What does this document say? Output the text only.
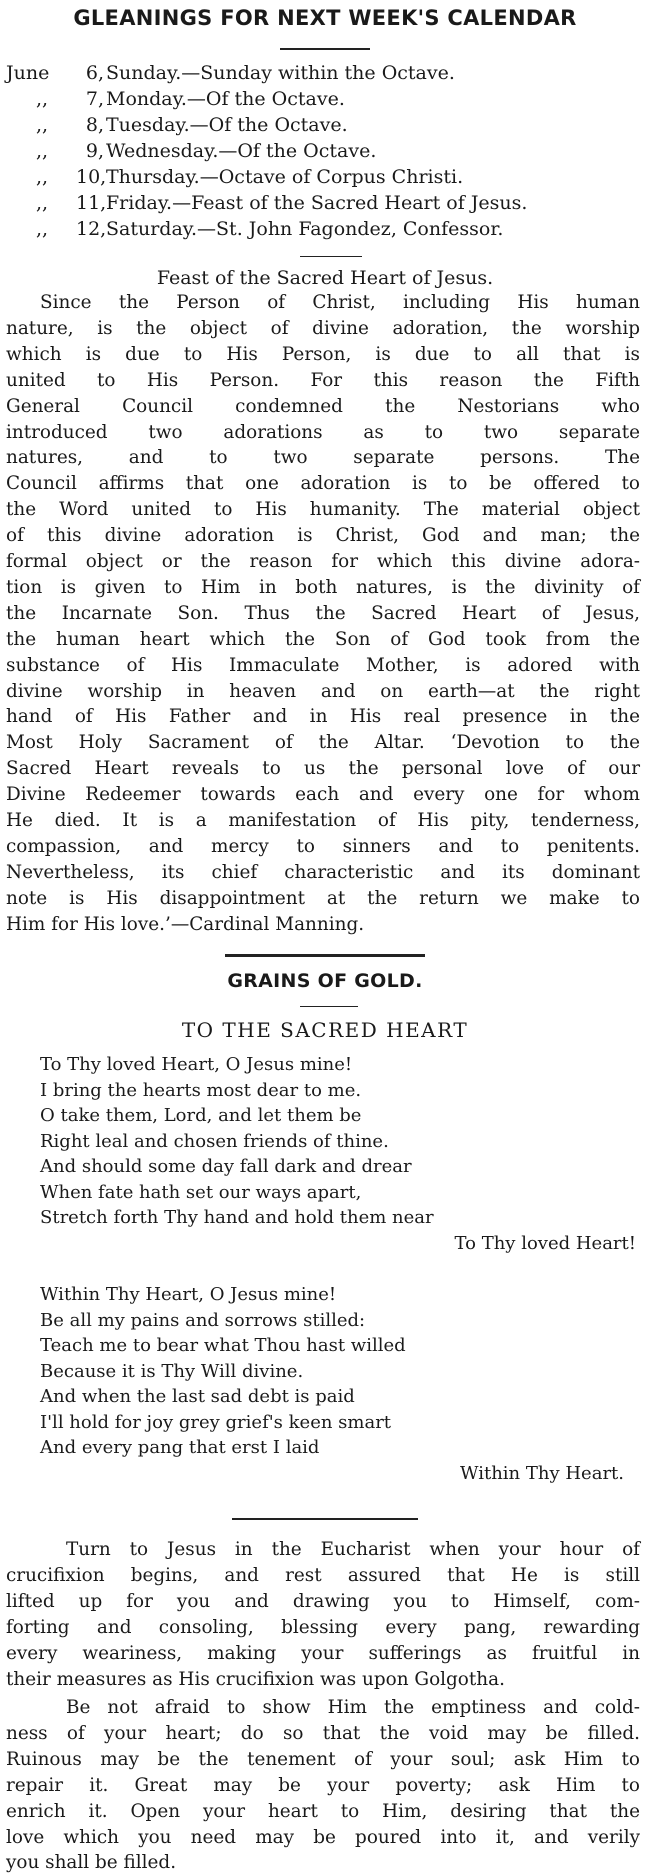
GLEANINGS FOR NEXT WEEK'S CALENDAR
June	6, Sunday.—Sunday within the Octave.
,,	7, Monday.—Of the Octave.
,,	8, Tuesday.—Of the Octave.
,,	9, Wednesday.—Of the Octave.
,, 10, Thursday.—Octave of Corpus Christi.
,, 11, Friday.—Feast of the Sacred Heart of Jesus.
,, 12, Saturday.—St. John Fagondez, Confessor.
Feast of the Sacred Heart of Jesus.
Since the Person of Christ, including His human
nature, is the object of divine adoration, the worship
which is due to His Person, is due to all that is
united to His Person. For this reason the Fifth
General Council condemned the Nestorians who
introduced two adorations as to two separate
natures, and to two separate persons. The
Council affirms that one adoration is to be offered to
the Word united to His humanity. The material object
of this divine adoration is Christ, God and man; the
formal object or the reason for which this divine adora-
tion is given to Him in both natures, is the divinity of
the Incarnate Son. Thus the Sacred Heart of Jesus,
the human heart which the Son of God took from the
substance of His Immaculate Mother, is adored with
divine worship in heaven and on earth—at the right
hand of His Father and in His real presence in the
Most Holy Sacrament of the Altar. ‘Devotion to the
Sacred Heart reveals to us the personal love of our
Divine Redeemer towards each and every one for whom
He died. It is a manifestation of His pity, tenderness,
compassion, and mercy to sinners and to penitents.
Nevertheless, its chief characteristic and its dominant
note is His disappointment at the return we make to
Him for His love.’—Cardinal Manning.
GRAINS OF GOLD.
TO THE SACRED HEART
To Thy loved Heart, O Jesus mine!
I bring the hearts most dear to me.
O take them, Lord, and let them be
Right leal and chosen friends of thine.
And should some day fall dark and drear
When fate hath set our ways apart,
Stretch forth Thy hand and hold them near
To Thy loved Heart!
Within Thy Heart, O Jesus mine!
Be all my pains and sorrows stilled:
Teach me to bear what Thou hast willed
Because it is Thy Will divine.
And when the last sad debt is paid
I'll hold for joy grey grief's keen smart
And every pang that erst I laid
Within Thy Heart.
Turn to Jesus in the Eucharist when your hour of
crucifixion begins, and rest assured that He is still
lifted up for you and drawing you to Himself, com-
forting and consoling, blessing every pang, rewarding
every weariness, making your sufferings as fruitful in
their measures as His crucifixion was upon Golgotha.
Be not afraid to show Him the emptiness and cold-
ness of your heart; do so that the void may be filled.
Ruinous may be the tenement of your soul; ask Him to
repair it. Great may be your poverty; ask Him to
enrich it. Open your heart to Him, desiring that the
love which you need may be poured into it, and verily
you shall be filled.
